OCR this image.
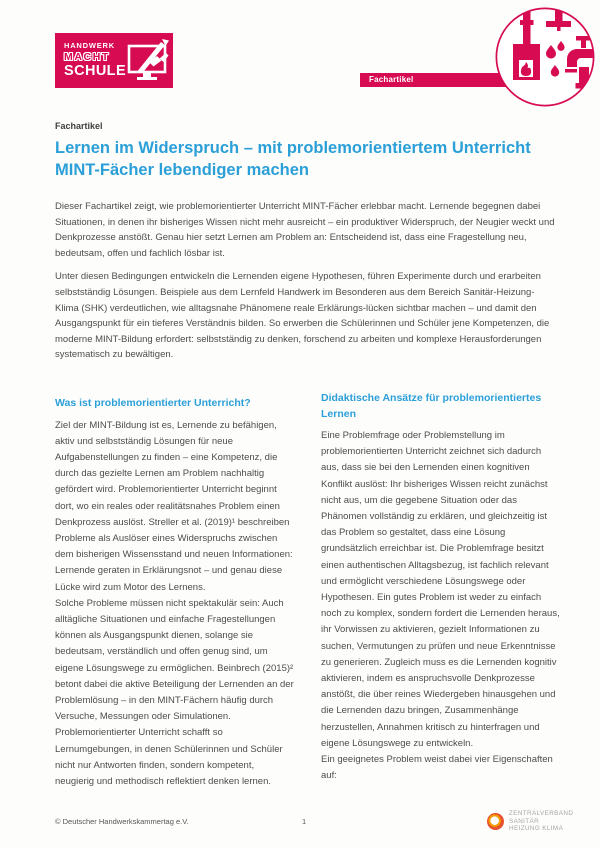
HANDWERK
MACHT
SCHULE
Fachartikel
Fachartikel
Lernen im Widerspruch – mit problemorientiertem Unterricht
MINT-Fächer lebendiger machen

Dieser Fachartikel zeigt, wie problemorientierter Unterricht MINT-Fächer erlebbar macht. Lernende begegnen dabei Situationen, in denen ihr bisheriges Wissen nicht mehr ausreicht – ein produktiver Widerspruch, der Neugier weckt und Denkprozesse anstößt. Genau hier setzt Lernen am Problem an: Entscheidend ist, dass eine Fragestellung neu, bedeutsam, offen und fachlich lösbar ist.

Unter diesen Bedingungen entwickeln die Lernenden eigene Hypothesen, führen Experimente durch und erarbeiten selbstständig Lösungen. Beispiele aus dem Lernfeld Handwerk im Besonderen aus dem Bereich Sanitär-Heizung-Klima (SHK) verdeutlichen, wie alltagsnahe Phänomene reale Erklärungs-lücken sichtbar machen – und damit den Ausgangspunkt für ein tieferes Verständnis bilden. So erwerben die Schülerinnen und Schüler jene Kompetenzen, die moderne MINT-Bildung erfordert: selbstständig zu denken, forschend zu arbeiten und komplexe Herausforderungen systematisch zu bewältigen.

Was ist problemorientierter Unterricht?

Ziel der MINT-Bildung ist es, Lernende zu befähigen, aktiv und selbstständig Lösungen für neue Aufgabenstellungen zu finden – eine Kompetenz, die durch das gezielte Lernen am Problem nachhaltig gefördert wird. Problemorientierter Unterricht beginnt dort, wo ein reales oder realitätsnahes Problem einen Denkprozess auslöst. Streller et al. (2019)¹ beschreiben Probleme als Auslöser eines Widerspruchs zwischen dem bisherigen Wissensstand und neuen Informationen: Lernende geraten in Erklärungsnot – und genau diese Lücke wird zum Motor des Lernens.

Solche Probleme müssen nicht spektakulär sein: Auch alltägliche Situationen und einfache Fragestellungen können als Ausgangspunkt dienen, solange sie bedeutsam, verständlich und offen genug sind, um eigene Lösungswege zu ermöglichen. Beinbrech (2015)² betont dabei die aktive Beteiligung der Lernenden an der Problemlösung – in den MINT-Fächern häufig durch Versuche, Messungen oder Simulationen. Problemorientierter Unterricht schafft so Lernumgebungen, in denen Schülerinnen und Schüler nicht nur Antworten finden, sondern kompetent, neugierig und methodisch reflektiert denken lernen.

Didaktische Ansätze für problemorientiertes Lernen

Eine Problemfrage oder Problemstellung im problemorientierten Unterricht zeichnet sich dadurch aus, dass sie bei den Lernenden einen kognitiven Konflikt auslöst: Ihr bisheriges Wissen reicht zunächst nicht aus, um die gegebene Situation oder das Phänomen vollständig zu erklären, und gleichzeitig ist das Problem so gestaltet, dass eine Lösung grundsätzlich erreichbar ist. Die Problemfrage besitzt einen authentischen Alltagsbezug, ist fachlich relevant und ermöglicht verschiedene Lösungswege oder Hypothesen. Ein gutes Problem ist weder zu einfach noch zu komplex, sondern fordert die Lernenden heraus, ihr Vorwissen zu aktivieren, gezielt Informationen zu suchen, Vermutungen zu prüfen und neue Erkenntnisse zu generieren. Zugleich muss es die Lernenden kognitiv aktivieren, indem es anspruchsvolle Denkprozesse anstößt, die über reines Wiedergeben hinausgehen und die Lernenden dazu bringen, Zusammenhänge herzustellen, Annahmen kritisch zu hinterfragen und eigene Lösungswege zu entwickeln.

Ein geeignetes Problem weist dabei vier Eigenschaften auf:

© Deutscher Handwerkskammertag e.V.	1
ZENTRALVERBAND
SANITÄR
HEIZUNG KLIMA
